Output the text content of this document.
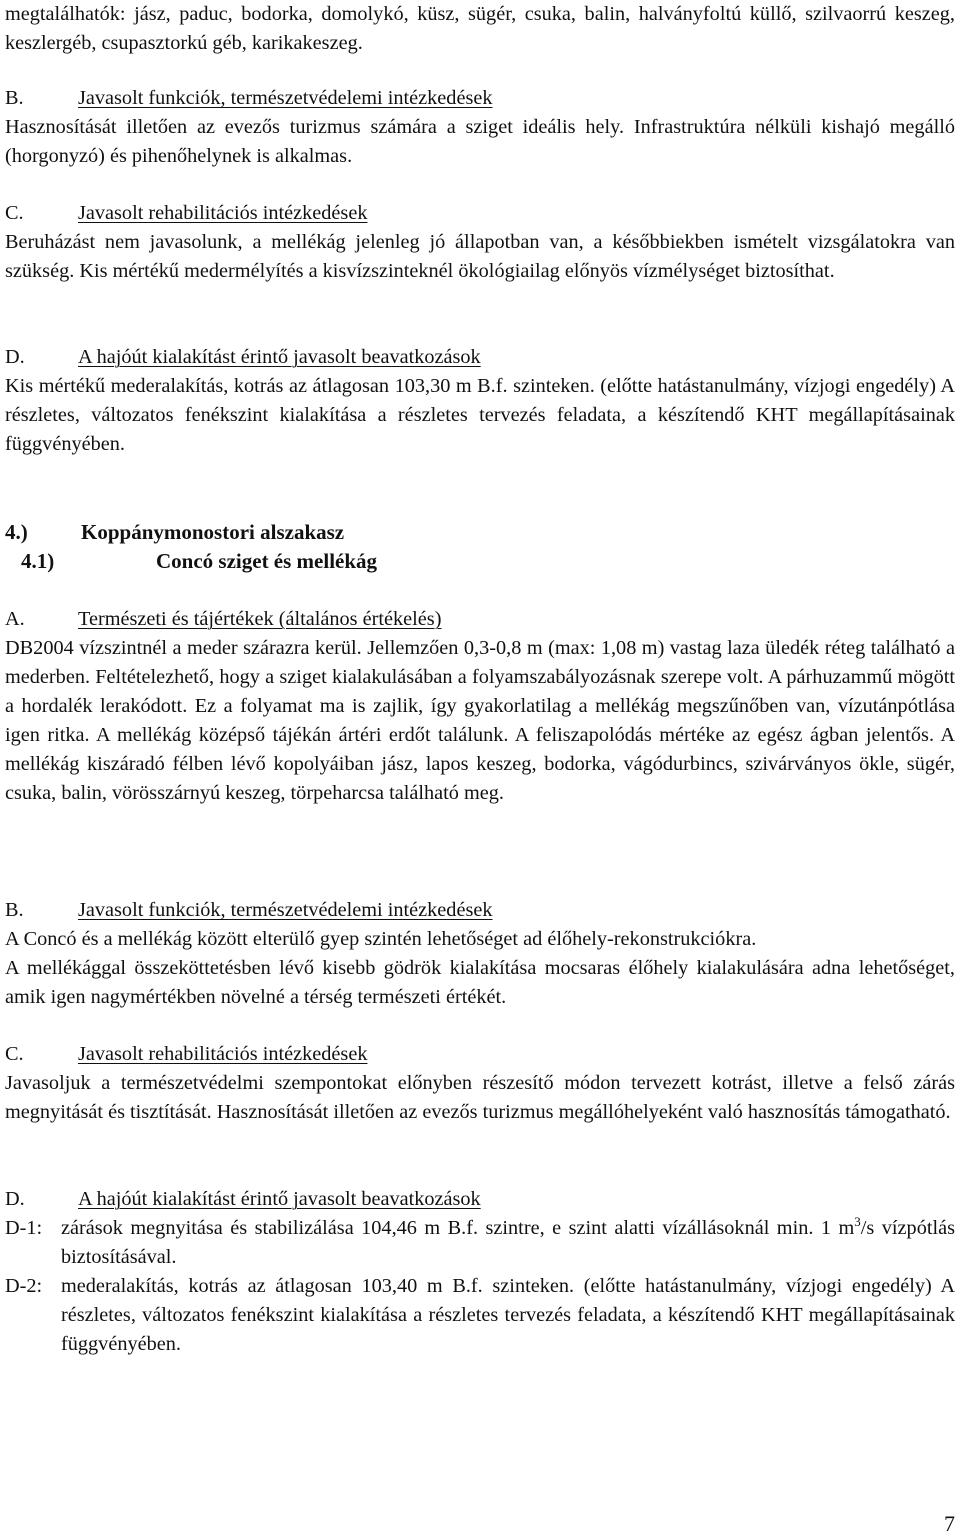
megtalálhatók: jász, paduc, bodorka, domolykó, küsz, sügér, csuka, balin, halványfoltú küllő, szilvaorrú keszeg, keszlergéb, csupasztorkú géb, karikakeszeg.

B.	Javasolt funkciók, természetvédelemi intézkedések

Hasznosítását illetően az evezős turizmus számára a sziget ideális hely. Infrastruktúra nélküli kishajó megálló (horgonyzó) és pihenőhelynek is alkalmas.

C.	Javasolt rehabilitációs intézkedések

Beruházást nem javasolunk, a mellékág jelenleg jó állapotban van, a későbbiekben ismételt vizsgálatokra van szükség. Kis mértékű medermélyítés a kisvízszinteknél ökológiailag előnyös vízmélységet biztosíthat.

D.	A hajóút kialakítást érintő javasolt beavatkozások

Kis mértékű mederalakítás, kotrás az átlagosan 103,30 m B.f. szinteken. (előtte hatástanulmány, vízjogi engedély) A részletes, változatos fenékszint kialakítása a részletes tervezés feladata, a készítendő KHT megállapításainak függvényében.

4.)	Koppánymonostori alszakasz
4.1)	Concó sziget és mellékág
A.	Természeti és tájértékek (általános értékelés)

DB2004 vízszintnél a meder szárazra kerül. Jellemzően 0,3-0,8 m (max: 1,08 m) vastag laza üledék réteg található a mederben. Feltételezhető, hogy a sziget kialakulásában a folyamszabályozásnak szerepe volt. A párhuzammű mögött a hordalék lerakódott. Ez a folyamat ma is zajlik, így gyakorlatilag a mellékág megszűnőben van, vízutánpótlása igen ritka. A mellékág középső tájékán ártéri erdőt találunk. A feliszapolódás mértéke az egész ágban jelentős. A mellékág kiszáradó félben lévő kopolyáiban jász, lapos keszeg, bodorka, vágódurbincs, szivárványos ökle, sügér, csuka, balin, vörösszárnyú keszeg, törpeharcsa található meg.

B.	Javasolt funkciók, természetvédelemi intézkedések

A Concó és a mellékág között elterülő gyep szintén lehetőséget ad élőhely-rekonstrukciókra.

A mellékággal összeköttetésben lévő kisebb gödrök kialakítása mocsaras élőhely kialakulására adna lehetőséget, amik igen nagymértékben növelné a térség természeti értékét.

C.	Javasolt rehabilitációs intézkedések

Javasoljuk a természetvédelmi szempontokat előnyben részesítő módon tervezett kotrást, illetve a felső zárás megnyitását és tisztítását. Hasznosítását illetően az evezős turizmus megállóhelyeként való hasznosítás támogatható.

D.	A hajóút kialakítást érintő javasolt beavatkozások
D-1: zárások megnyitása és stabilizálása 104,46 m B.f. szintre, e szint alatti vízállásoknál min. 1 $m^3/s$ vízpótlás biztosításával.
D-2: mederalakítás, kotrás az átlagosan 103,40 m B.f. szinteken. (előtte hatástanulmány, vízjogi engedély) A részletes, változatos fenékszint kialakítása a részletes tervezés feladata, a készítendő KHT megállapításainak függvényében.
7
